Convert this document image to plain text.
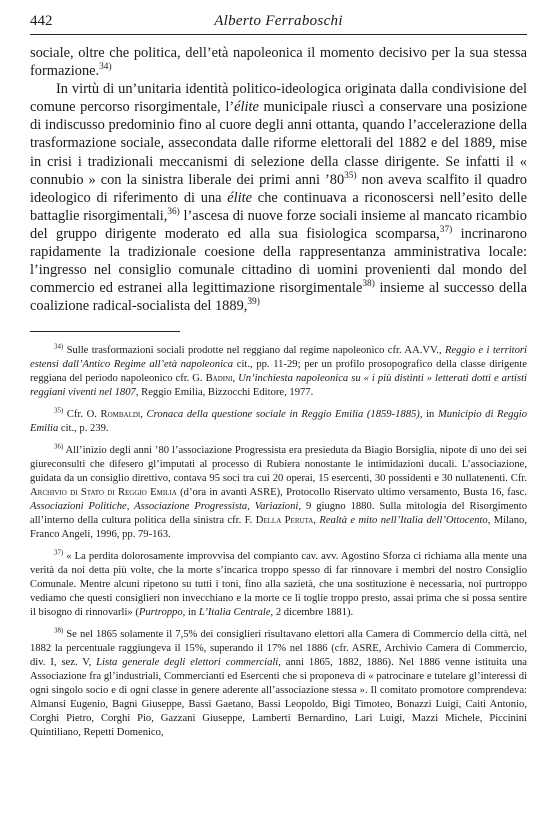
442	Alberto Ferraboschi

sociale, oltre che politica, dell’età napoleonica il momento decisivo per la sua stessa formazione.$^{34)}$

In virtù di un’unitaria identità politico-ideologica originata dalla condivisione del comune percorso risorgimentale, l’élite municipale riuscì a conservare una posizione di indiscusso predominio fino al cuore degli anni ottanta, quando l’accelerazione della trasformazione sociale, assecondata dalle riforme elettorali del 1882 e del 1889, mise in crisi i tradizionali meccanismi di selezione della classe dirigente. Se infatti il « connubio » con la sinistra liberale dei primi anni ’80$^{35)}$ non aveva scalfito il quadro ideologico di riferimento di una élite che continuava a riconoscersi nell’esito delle battaglie risorgimentali,$^{36)}$ l’ascesa di nuove forze sociali insieme al mancato ricambio del gruppo dirigente moderato ed alla sua fisiologica scomparsa,$^{37)}$ incrinarono rapidamente la tradizionale coesione della rappresentanza amministrativa locale: l’ingresso nel consiglio comunale cittadino di uomini provenienti dal mondo del commercio ed estranei alla legittimazione risorgimentale$^{38)}$ insieme al successo della coalizione radical-socialista del 1889,$^{39)}$

$^{34)}$ Sulle trasformazioni sociali prodotte nel reggiano dal regime napoleonico cfr. AA.VV., Reggio e i territori estensi dall’Antico Regime all’età napoleonica cit., pp. 11-29; per un profilo prosopografico della classe dirigente reggiana del periodo napoleonico cfr. G. Badini, Un’inchiesta napoleonica su « i più distinti » letterati dotti e artisti reggiani viventi nel 1807, Reggio Emilia, Bizzocchi Editore, 1977.

$^{35)}$ Cfr. O. Rombaldi, Cronaca della questione sociale in Reggio Emilia (1859-1885), in Municipio di Reggio Emilia cit., p. 239.

$^{36)}$ All’inizio degli anni ’80 l’associazione Progressista era presieduta da Biagio Borsiglia, nipote di uno dei sei giureconsulti che difesero gl’imputati al processo di Rubiera nonostante le intimidazioni ducali. L’associazione, guidata da un consiglio direttivo, contava 95 soci tra cui 20 operai, 15 esercenti, 30 possidenti e 30 nullatenenti. Cfr. Archivio di Stato di Reggio Emilia (d’ora in avanti ASRE), Protocollo Riservato ultimo versamento, Busta 16, fasc. Associazioni Politiche, Associazione Progressista, Variazioni, 9 giugno 1880. Sulla mitologia del Risorgimento all’interno della cultura politica della sinistra cfr. F. Della Peruta, Realtà e mito nell’Italia dell’Ottocento, Milano, Franco Angeli, 1996, pp. 79-163.

$^{37)}$ « La perdita dolorosamente improvvisa del compianto cav. avv. Agostino Sforza ci richiama alla mente una verità da noi detta più volte, che la morte s’incarica troppo spesso di far rinnovare i membri del nostro Consiglio Comunale. Mentre alcuni ripetono su tutti i toni, fino alla sazietà, che una sostituzione è necessaria, noi purtroppo vediamo che questi consiglieri non invecchiano e la morte ce li toglie troppo presto, assai prima che si possa sentire il bisogno di rinnovarli» (Purtroppo, in L’Italia Centrale, 2 dicembre 1881).

$^{38)}$ Se nel 1865 solamente il 7,5% dei consiglieri risultavano elettori alla Camera di Commercio della città, nel 1882 la percentuale raggiungeva il 15%, superando il 17% nel 1886 (cfr. ASRE, Archivio Camera di Commercio, div. I, sez. V, Lista generale degli elettori commerciali, anni 1865, 1882, 1886). Nel 1886 venne istituita una Associazione fra gl’industriali, Commercianti ed Esercenti che si proponeva di « patrocinare e tutelare gl’interessi di ogni singolo socio e di ogni classe in genere aderente all’associazione stessa ». Il comitato promotore comprendeva: Almansi Eugenio, Bagni Giuseppe, Bassi Gaetano, Bassi Leopoldo, Bigi Timoteo, Bonazzi Luigi, Caiti Antonio, Corghi Pietro, Corghi Pio, Gazzani Giuseppe, Lamberti Bernardino, Lari Luigi, Mazzi Michele, Piccinini Quintiliano, Repetti Domenico,
